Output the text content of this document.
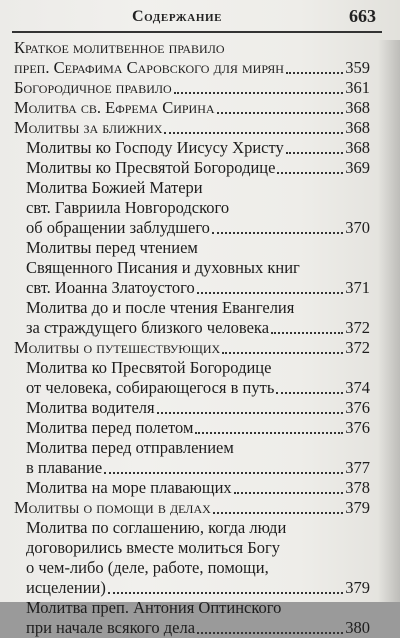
Содержание	663
Краткое молитвенное правило
преп. Серафима Саровского для мирян	359
Богородичное правило	361
Молитва св. Ефрема Сирина	368
Молитвы за ближних	368
Молитвы ко Господу Иисусу Христу	368
Молитвы ко Пресвятой Богородице	369
Молитва Божией Матери
свт. Гавриила Новгородского
об обращении заблудшего	370
Молитвы перед чтением
Священного Писания и духовных книг
свт. Иоанна Златоустого	371
Молитва до и после чтения Евангелия
за страждущего близкого человека	372
Молитвы о путешествующих	372
Молитва ко Пресвятой Богородице
от человека, собирающегося в путь	374
Молитва водителя	376
Молитва перед полетом	376
Молитва перед отправлением
в плавание	377
Молитва на море плавающих	378
Молитвы о помощи в делах	379
Молитва по соглашению, когда люди
договорились вместе молиться Богу
о чем-либо (деле, работе, помощи,
исцелении)	379
Молитва преп. Антония Оптинского
при начале всякого дела	380
